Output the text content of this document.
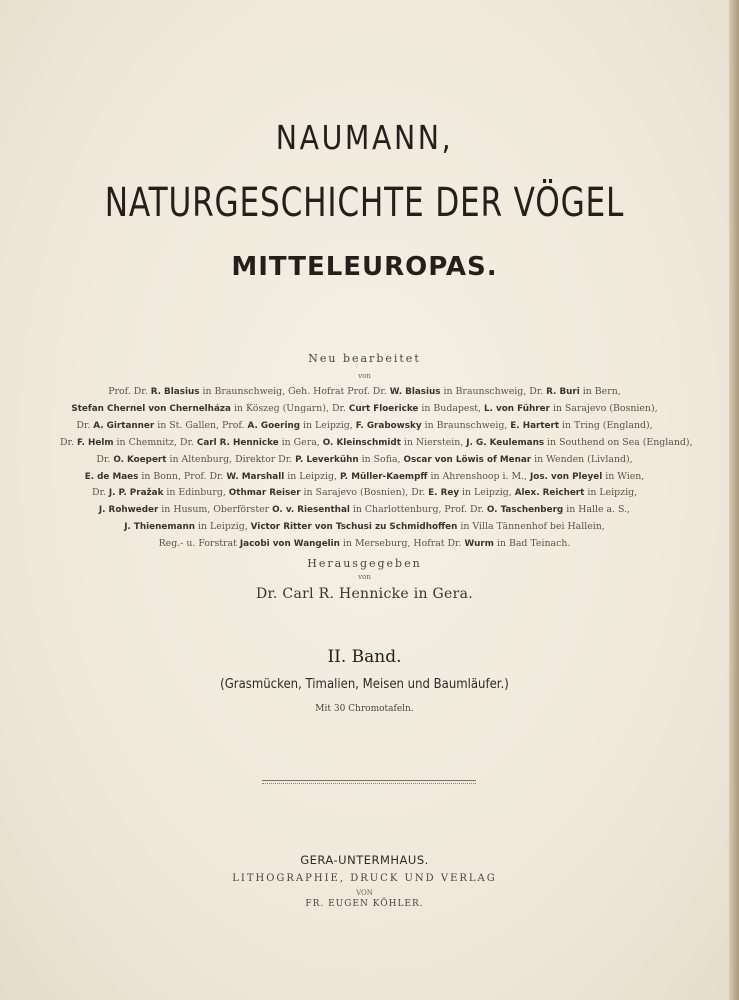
NAUMANN,
NATURGESCHICHTE DER VÖGEL
MITTELEUROPAS.
Neu bearbeitet
von
Prof. Dr. R. Blasius in Braunschweig, Geh. Hofrat Prof. Dr. W. Blasius in Braunschweig, Dr. R. Buri in Bern,
Stefan Chernel von Chernelháza in Köszeg (Ungarn), Dr. Curt Floericke in Budapest, L. von Führer in Sarajevo (Bosnien),
Dr. A. Girtanner in St. Gallen, Prof. A. Goering in Leipzig, F. Grabowsky in Braunschweig, E. Hartert in Tring (England),
Dr. F. Helm in Chemnitz, Dr. Carl R. Hennicke in Gera, O. Kleinschmidt in Nierstein, J. G. Keulemans in Southend on Sea (England),
Dr. O. Koepert in Altenburg, Direktor Dr. P. Leverkühn in Sofia, Oscar von Löwis of Menar in Wenden (Livland),
E. de Maes in Bonn, Prof. Dr. W. Marshall in Leipzig, P. Müller-Kaempff in Ahrenshoop i. M., Jos. von Pleyel in Wien,
Dr. J. P. Pražak in Edinburg, Othmar Reiser in Sarajevo (Bosnien), Dr. E. Rey in Leipzig, Alex. Reichert in Leipzig,
J. Rohweder in Husum, Oberförster O. v. Riesenthal in Charlottenburg, Prof. Dr. O. Taschenberg in Halle a. S.,
J. Thienemann in Leipzig, Victor Ritter von Tschusi zu Schmidhoffen in Villa Tännenhof bei Hallein,
Reg.- u. Forstrat Jacobi von Wangelin in Merseburg, Hofrat Dr. Wurm in Bad Teinach.
Herausgegeben
von
Dr. Carl R. Hennicke in Gera.
II. Band.
(Grasmücken, Timalien, Meisen und Baumläufer.)
Mit 30 Chromotafeln.
GERA-UNTERMHAUS.
LITHOGRAPHIE, DRUCK UND VERLAG
VON
FR. EUGEN KÖHLER.
